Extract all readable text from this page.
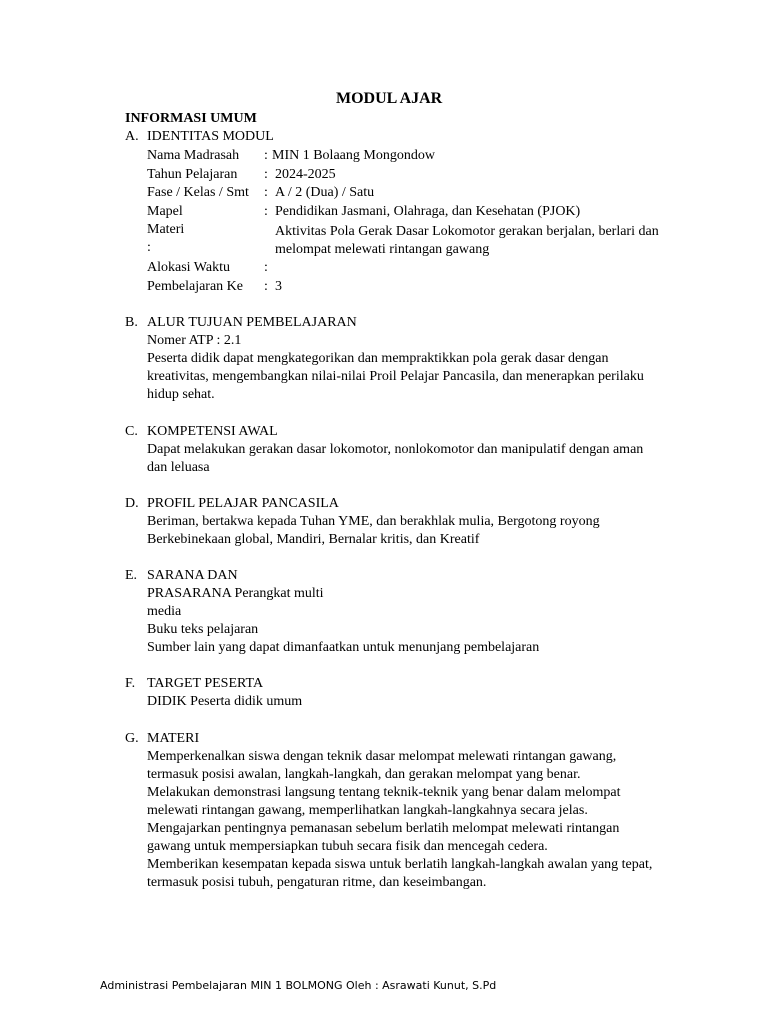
MODUL AJAR
INFORMASI UMUM
A. IDENTITAS MODUL
Nama Madrasah : MIN 1 Bolaang Mongondow
Tahun Pelajaran : 2024-2025
Fase / Kelas / Smt : A / 2 (Dua) / Satu
Mapel	: Pendidikan Jasmani, Olahraga, dan Kesehatan (PJOK)
Materi
:
Aktivitas Pola Gerak Dasar Lokomotor gerakan berjalan, berlari dan
melompat melewati rintangan gawang
Alokasi Waktu :
Pembelajaran Ke : 3
B. ALUR TUJUAN PEMBELAJARAN
Nomer ATP : 2.1
Peserta didik dapat mengkategorikan dan mempraktikkan pola gerak dasar dengan
kreativitas, mengembangkan nilai-nilai Proil Pelajar Pancasila, dan menerapkan perilaku
hidup sehat.
C. KOMPETENSI AWAL
Dapat melakukan gerakan dasar lokomotor, nonlokomotor dan manipulatif dengan aman
dan leluasa
D. PROFIL PELAJAR PANCASILA
Beriman, bertakwa kepada Tuhan YME, dan berakhlak mulia, Bergotong royong
Berkebinekaan global, Mandiri, Bernalar kritis, dan Kreatif
E. SARANA DAN
PRASARANA Perangkat multi
media
Buku teks pelajaran
Sumber lain yang dapat dimanfaatkan untuk menunjang pembelajaran
F. TARGET PESERTA
DIDIK Peserta didik umum
G. MATERI
Memperkenalkan siswa dengan teknik dasar melompat melewati rintangan gawang,
termasuk posisi awalan, langkah-langkah, dan gerakan melompat yang benar.
Melakukan demonstrasi langsung tentang teknik-teknik yang benar dalam melompat
melewati rintangan gawang, memperlihatkan langkah-langkahnya secara jelas.
Mengajarkan pentingnya pemanasan sebelum berlatih melompat melewati rintangan
gawang untuk mempersiapkan tubuh secara fisik dan mencegah cedera.
Memberikan kesempatan kepada siswa untuk berlatih langkah-langkah awalan yang tepat,
termasuk posisi tubuh, pengaturan ritme, dan keseimbangan.
Administrasi Pembelajaran MIN 1 BOLMONG Oleh : Asrawati Kunut, S.Pd
